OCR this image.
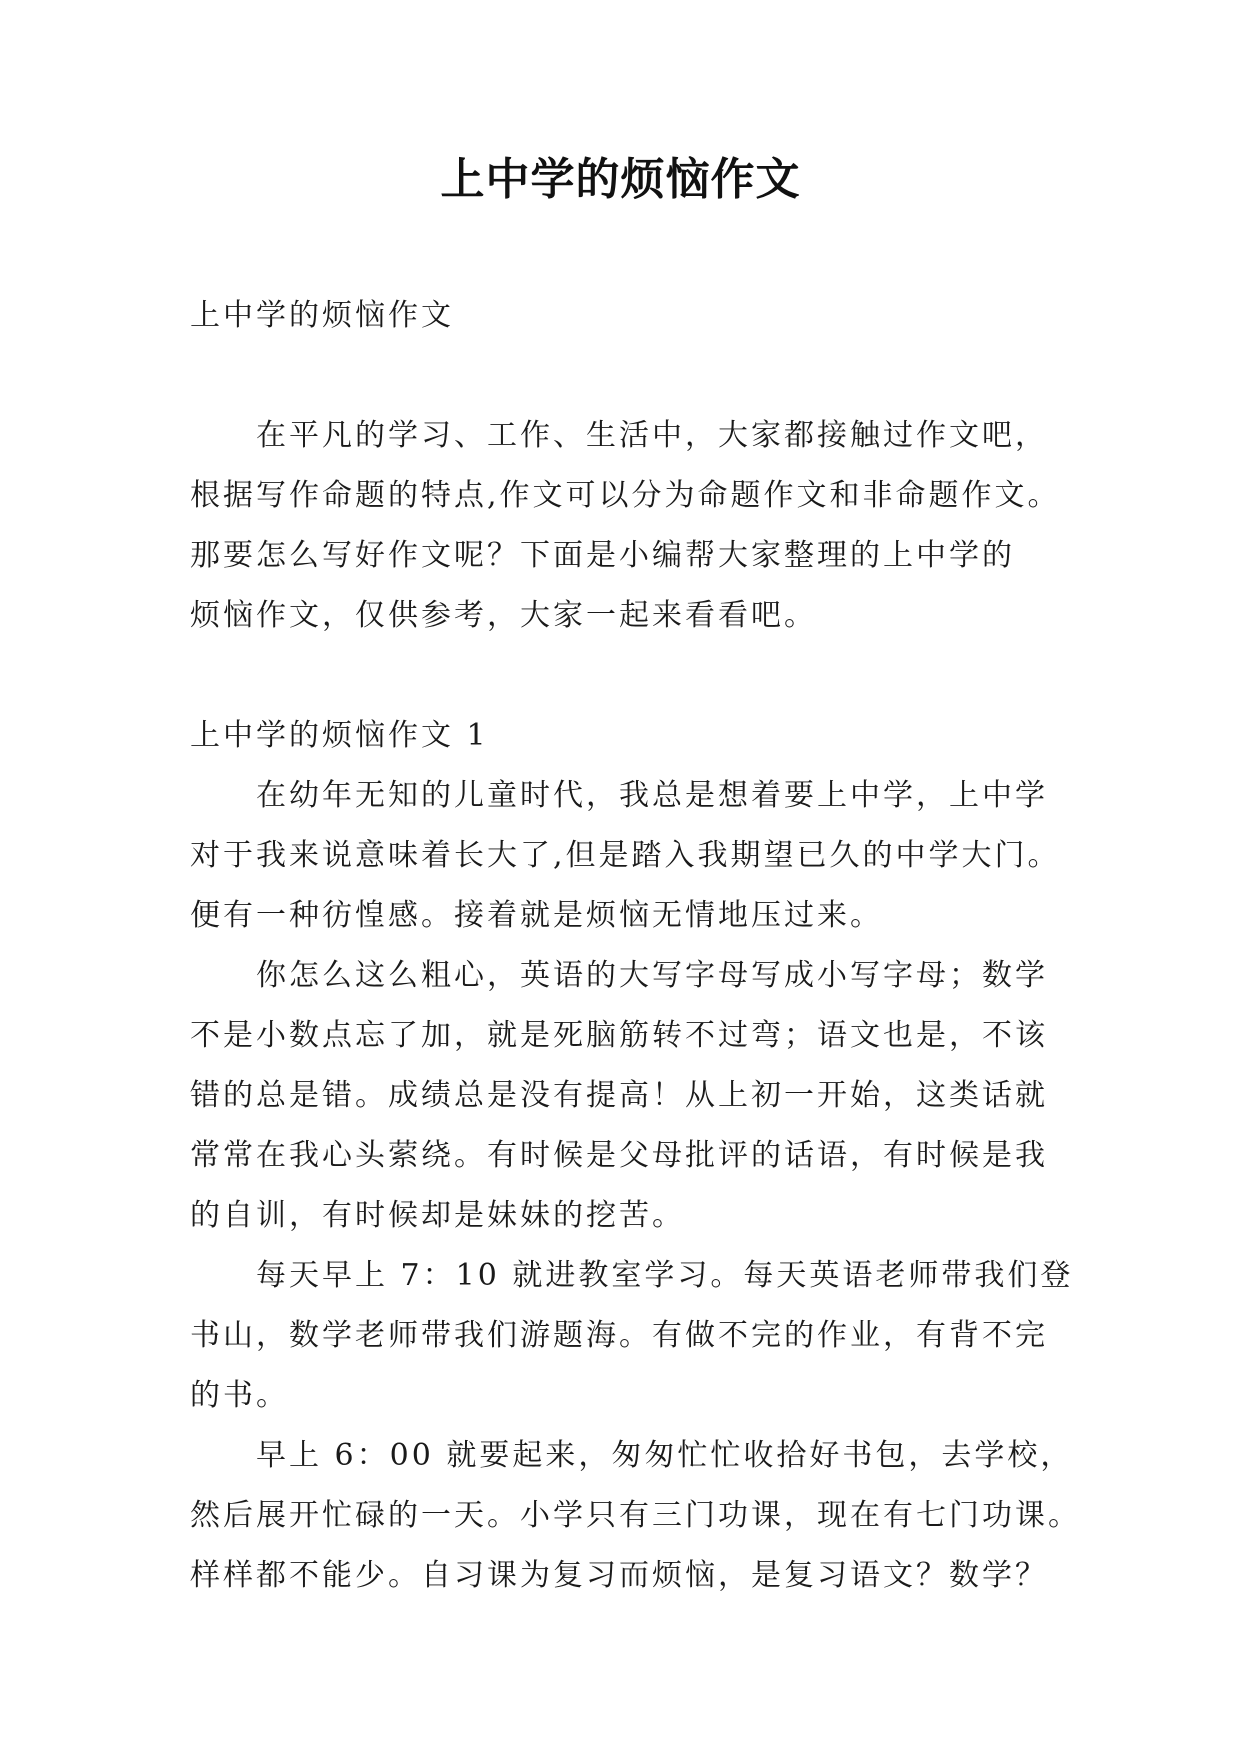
上中学的烦恼作文
上中学的烦恼作文
在平凡的学习、工作、生活中，大家都接触过作文吧，
根据写作命题的特点,作文可以分为命题作文和非命题作文。
那要怎么写好作文呢？下面是小编帮大家整理的上中学的
烦恼作文，仅供参考，大家一起来看看吧。
上中学的烦恼作文 1
在幼年无知的儿童时代，我总是想着要上中学，上中学
对于我来说意味着长大了,但是踏入我期望已久的中学大门。
便有一种彷惶感。接着就是烦恼无情地压过来。
你怎么这么粗心，英语的大写字母写成小写字母；数学
不是小数点忘了加，就是死脑筋转不过弯；语文也是，不该
错的总是错。成绩总是没有提高！从上初一开始，这类话就
常常在我心头萦绕。有时候是父母批评的话语，有时候是我
的自训，有时候却是妹妹的挖苦。
每天早上 7：10 就进教室学习。每天英语老师带我们登
书山，数学老师带我们游题海。有做不完的作业，有背不完
的书。
早上 6：00 就要起来，匆匆忙忙收拾好书包，去学校，
然后展开忙碌的一天。小学只有三门功课，现在有七门功课。
样样都不能少。自习课为复习而烦恼，是复习语文？数学？
